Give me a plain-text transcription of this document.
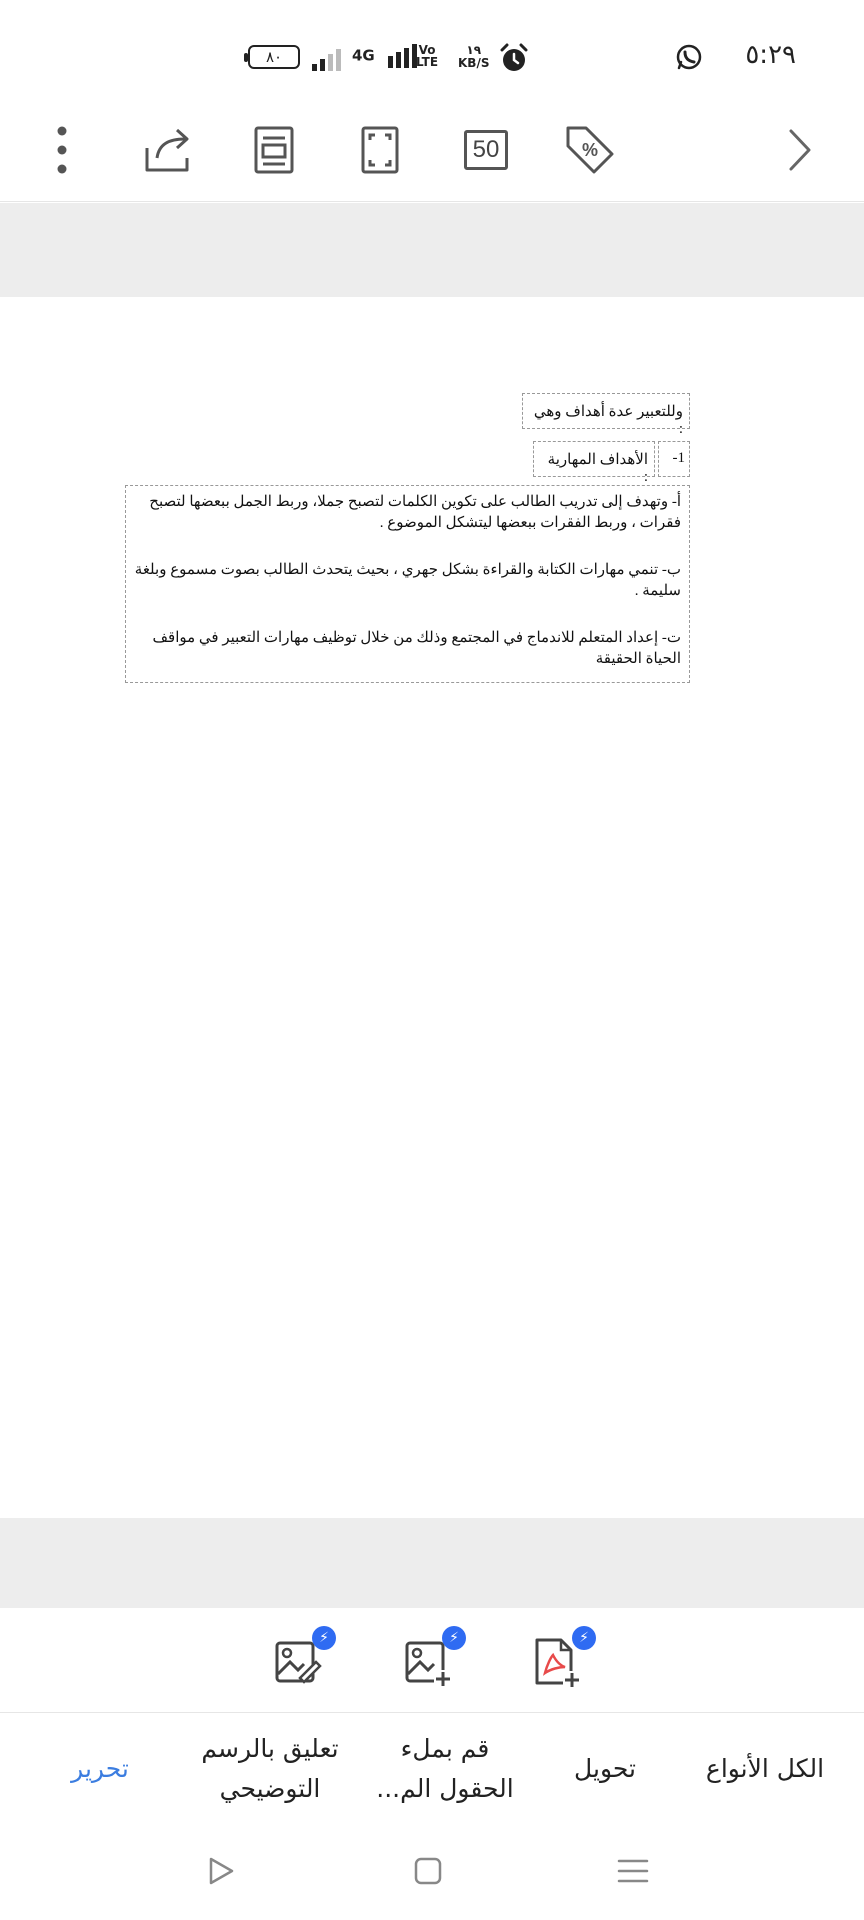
٨٠	4G	Vo
LTE
١٩
KB/S	٥:٢٩
50	%
وللتعبير عدة أهداف وهي :
1-
الأهداف المهارية :
أ- وتهدف إلى تدريب الطالب على تكوين الكلمات لتصبح جملا، وربط الجمل ببعضها لتصبح فقرات ، وربط الفقرات ببعضها ليتشكل الموضوع .
ب- تنمي مهارات الكتابة والقراءة بشكل جهري ، بحيث يتحدث الطالب بصوت مسموع وبلغة سليمة .
ت- إعداد المتعلم للاندماج في المجتمع وذلك من خلال توظيف مهارات التعبير في مواقف الحياة الحقيقة
⚡	⚡	⚡
الكل الأنواع
تحويل
قم بملء الحقول الم...
تعليق بالرسم التوضيحي
تحرير
